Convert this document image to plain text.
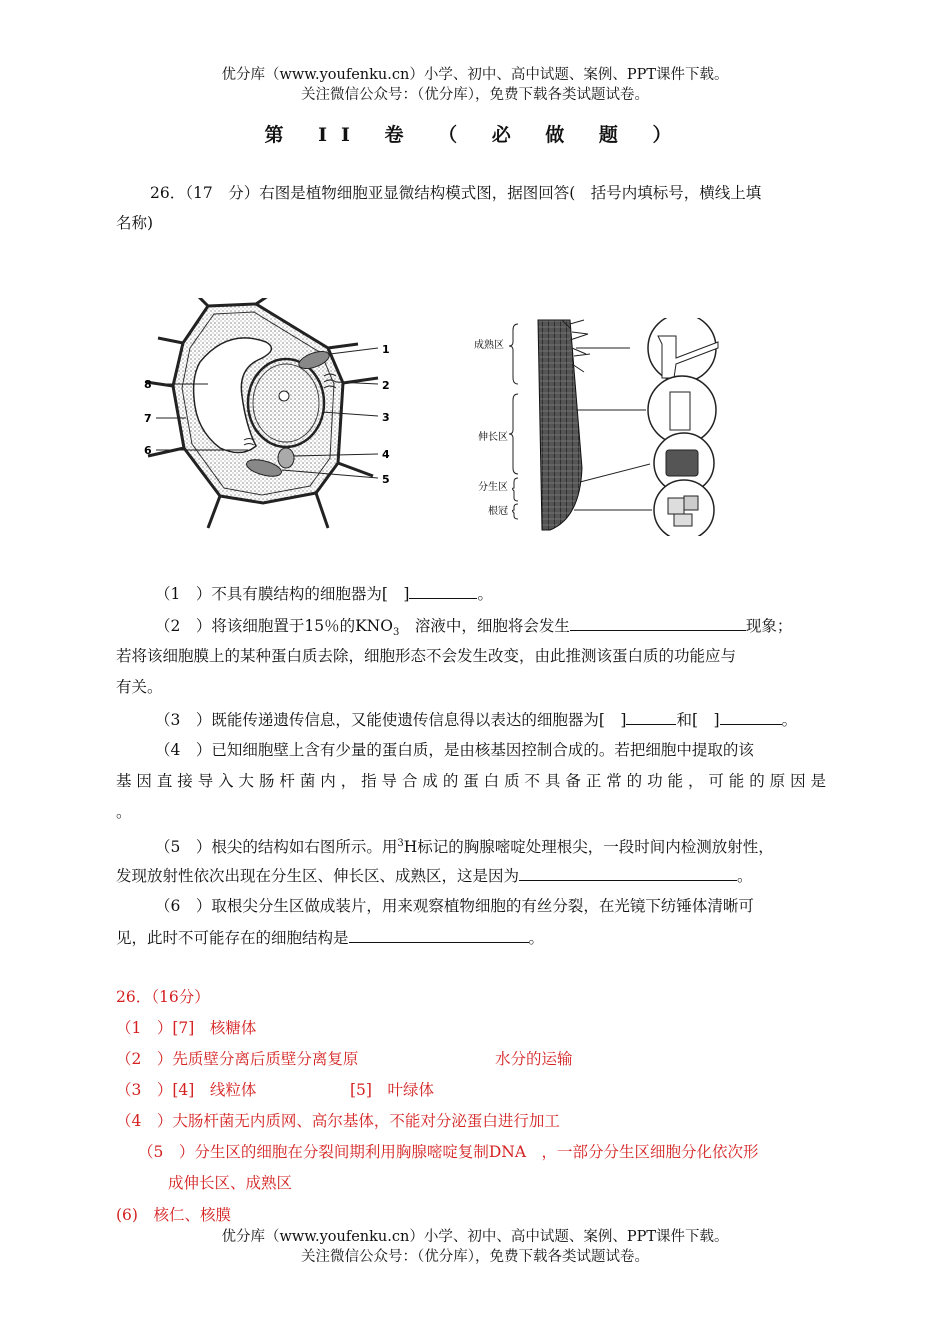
优分库（www.youfenku.cn）小学、初中、高中试题、案例、PPT课件下载。
关注微信公众号：（优分库），免费下载各类试题试卷。
第 II 卷 （ 必 做 题 ）
26．（17　分）右图是植物细胞亚显微结构模式图，据图回答(　括号内填标号，横线上填
名称)
1
2
3
4
5
8
7
6
成熟区
伸长区
分生区
根冠
（1　）不具有膜结构的细胞器为[　]	。
（2　）将该细胞置于15％的$KNO_3$　溶液中，细胞将会发生	现象；
若将该细胞膜上的某种蛋白质去除，细胞形态不会发生改变，由此推测该蛋白质的功能应与
有关。
（3　）既能传递遗传信息，又能使遗传信息得以表达的细胞器为[　]	和[　]	。
（4　）已知细胞壁上含有少量的蛋白质，是由核基因控制合成的。若把细胞中提取的该
基 因 直 接 导 入 大 肠 杆 菌 内 ， 指 导 合 成 的 蛋 白 质 不 具 备 正 常 的 功 能 ， 可 能 的 原 因 是
。
（5　）根尖的结构如右图所示。用$^3$H标记的胸腺嘧啶处理根尖，一段时间内检测放射性，
发现放射性依次出现在分生区、伸长区、成熟区，这是因为	。
（6　）取根尖分生区做成装片，用来观察植物细胞的有丝分裂，在光镜下纺锤体清晰可
见，此时不可能存在的细胞结构是	。
26．（16分）
（1　）[7]　核糖体
（2　）先质壁分离后质壁分离复原	水分的运输
（3　）[4]　线粒体	[5]　叶绿体
（4　）大肠杆菌无内质网、高尔基体，不能对分泌蛋白进行加工
（5　）分生区的细胞在分裂间期利用胸腺嘧啶复制DNA　，一部分分生区细胞分化依次形
成伸长区、成熟区
(6)　核仁、核膜
优分库（www.youfenku.cn）小学、初中、高中试题、案例、PPT课件下载。
关注微信公众号：（优分库），免费下载各类试题试卷。
